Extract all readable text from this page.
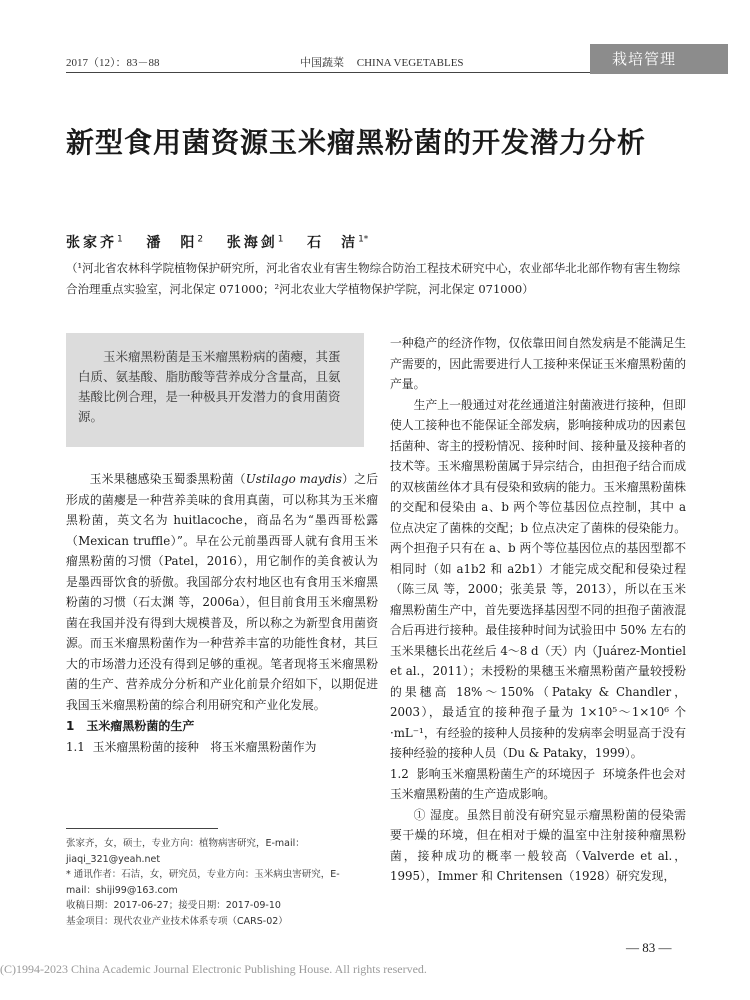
2017（12）：83－88	中国蔬菜 CHINA VEGETABLES	栽培管理
新型食用菌资源玉米瘤黑粉菌的开发潜力分析
张家齐$^1$ 潘　阳$^2$ 张海剑$^1$ 石　洁$^{1*}$
（¹河北省农林科学院植物保护研究所，河北省农业有害生物综合防治工程技术研究中心，农业部华北北部作物有害生物综合治理重点实验室，河北保定 071000；²河北农业大学植物保护学院，河北保定 071000）
玉米瘤黑粉菌是玉米瘤黑粉病的菌瘿，其蛋白质、氨基酸、脂肪酸等营养成分含量高，且氨基酸比例合理，是一种极具开发潜力的食用菌资源。

玉米果穗感染玉蜀黍黑粉菌（Ustilago maydis）之后形成的菌瘿是一种营养美味的食用真菌，可以称其为玉米瘤黑粉菌，英文名为 huitlacoche，商品名为“墨西哥松露（Mexican truffle）”。早在公元前墨西哥人就有食用玉米瘤黑粉菌的习惯（Patel，2016），用它制作的美食被认为是墨西哥饮食的骄傲。我国部分农村地区也有食用玉米瘤黑粉菌的习惯（石太渊 等，2006a），但目前食用玉米瘤黑粉菌在我国并没有得到大规模普及，所以称之为新型食用菌资源。而玉米瘤黑粉菌作为一种营养丰富的功能性食材，其巨大的市场潜力还没有得到足够的重视。笔者现将玉米瘤黑粉菌的生产、营养成分分析和产业化前景介绍如下，以期促进我国玉米瘤黑粉菌的综合利用研究和产业化发展。

1　玉米瘤黑粉菌的生产

1.1 玉米瘤黑粉菌的接种 将玉米瘤黑粉菌作为

一种稳产的经济作物，仅依靠田间自然发病是不能满足生产需要的，因此需要进行人工接种来保证玉米瘤黑粉菌的产量。

生产上一般通过对花丝通道注射菌液进行接种，但即使人工接种也不能保证全部发病，影响接种成功的因素包括菌种、寄主的授粉情况、接种时间、接种量及接种者的技术等。玉米瘤黑粉菌属于异宗结合，由担孢子结合而成的双核菌丝体才具有侵染和致病的能力。玉米瘤黑粉菌株的交配和侵染由 a、b 两个等位基因位点控制，其中 a 位点决定了菌株的交配；b 位点决定了菌株的侵染能力。两个担孢子只有在 a、b 两个等位基因位点的基因型都不相同时（如 a1b2 和 a2b1）才能完成交配和侵染过程（陈三凤 等，2000；张美景 等，2013），所以在玉米瘤黑粉菌生产中，首先要选择基因型不同的担孢子菌液混合后再进行接种。最佳接种时间为试验田中 50% 左右的玉米果穗长出花丝后 4～8 d（天）内（Juárez-Montiel et al.，2011）；未授粉的果穗玉米瘤黑粉菌产量较授粉的果穗高 18%～150%（Pataky & Chandler，2003），最适宜的接种孢子量为 1×10⁵～1×10⁶ 个·mL⁻¹，有经验的接种人员接种的发病率会明显高于没有接种经验的接种人员（Du & Pataky，1999）。

1.2 影响玉米瘤黑粉菌生产的环境因子 环境条件也会对玉米瘤黑粉菌的生产造成影响。

① 湿度。虽然目前没有研究显示瘤黑粉菌的侵染需要干燥的环境，但在相对于燥的温室中注射接种瘤黑粉菌，接种成功的概率一般较高（Valverde et al.，1995），Immer 和 Chritensen（1928）研究发现，

张家齐，女，硕士，专业方向：植物病害研究，E-mail：jiaqi_321@yeah.net

* 通讯作者：石洁，女，研究员，专业方向：玉米病虫害研究，E-mail：shiji99@163.com

收稿日期：2017-06-27；接受日期：2017-09-10

基金项目：现代农业产业技术体系专项（CARS-02）

— 83 —
(C)1994-2023 China Academic Journal Electronic Publishing House. All rights reserved.
